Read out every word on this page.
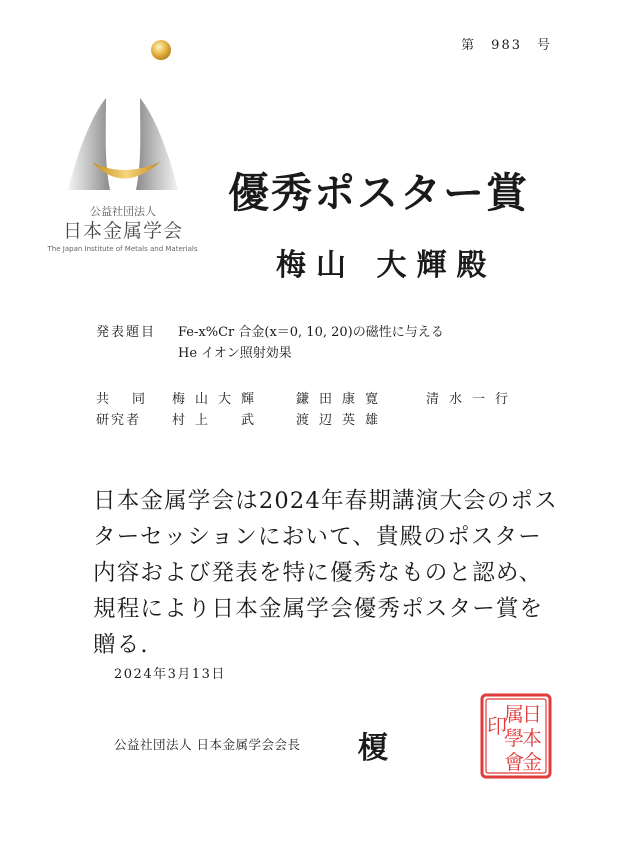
公益社団法人
日本金属学会
The Japan Institute of Metals and Materials
第　983　号
優秀ポスター賞
梅山 大輝殿
発表題目 Fe-x%Cr 合金(x＝0, 10, 20)の磁性に与える
He イオン照射効果
共同
研究者
梅山大輝 鎌田康寛	清水一行
村上　武 渡辺英雄
日本金属学会は2024年春期講演大会のポスターセッションにおいて、貴殿のポスター内容および発表を特に優秀なものと認め、規程により日本金属学会優秀ポスター賞を贈る.
2024年3月13日
公益社団法人 日本金属学会会長 榎
日
本
金
属
學
會
印
